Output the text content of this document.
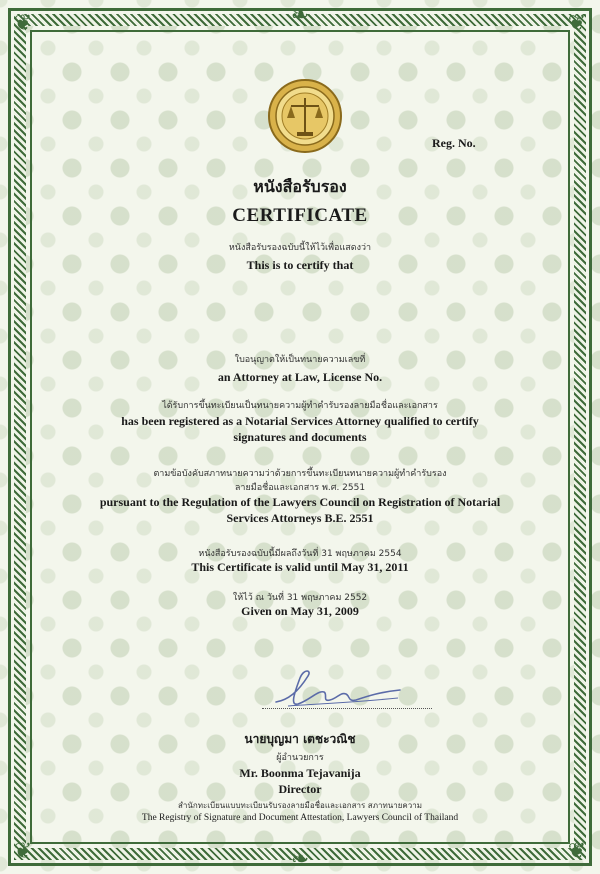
❦	❦
❦	❦
❧
❧
Reg. No.
หนังสือรับรอง
CERTIFICATE
หนังสือรับรองฉบับนี้ให้ไว้เพื่อแสดงว่า
This is to certify that
ใบอนุญาตให้เป็นทนายความเลขที่
an Attorney at Law, License No.
ได้รับการขึ้นทะเบียนเป็นทนายความผู้ทำคำรับรองลายมือชื่อและเอกสาร
has been registered as a Notarial Services Attorney qualified to certify
signatures and documents
ตามข้อบังคับสภาทนายความว่าด้วยการขึ้นทะเบียนทนายความผู้ทำคำรับรอง
ลายมือชื่อและเอกสาร พ.ศ. 2551
pursuant to the Regulation of the Lawyers Council on Registration of Notarial
Services Attorneys B.E. 2551
หนังสือรับรองฉบับนี้มีผลถึงวันที่ 31 พฤษภาคม 2554
This Certificate is valid until May 31, 2011
ให้ไว้ ณ วันที่ 31 พฤษภาคม 2552
Given on May 31, 2009
นายบุญมา เตชะวณิช
ผู้อำนวยการ
Mr. Boonma Tejavanija
Director
สำนักทะเบียนแบบทะเบียนรับรองลายมือชื่อและเอกสาร สภาทนายความ
The Registry of Signature and Document Attestation, Lawyers Council of Thailand
